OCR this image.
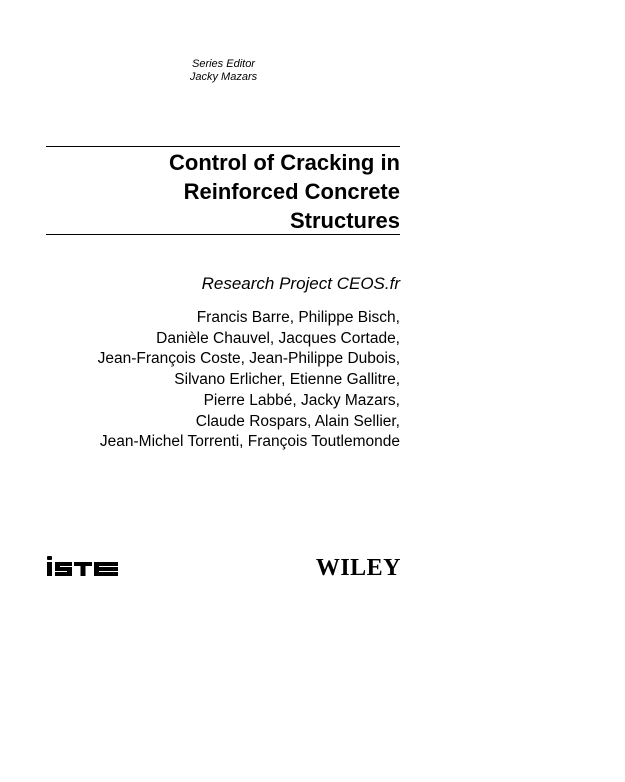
Series Editor
Jacky Mazars
Control of Cracking in
Reinforced Concrete
Structures
Research Project CEOS.fr
Francis Barre, Philippe Bisch,
Danièle Chauvel, Jacques Cortade,
Jean-François Coste, Jean-Philippe Dubois,
Silvano Erlicher, Etienne Gallitre,
Pierre Labbé, Jacky Mazars,
Claude Rospars, Alain Sellier,
Jean-Michel Torrenti, François Toutlemonde
WILEY
